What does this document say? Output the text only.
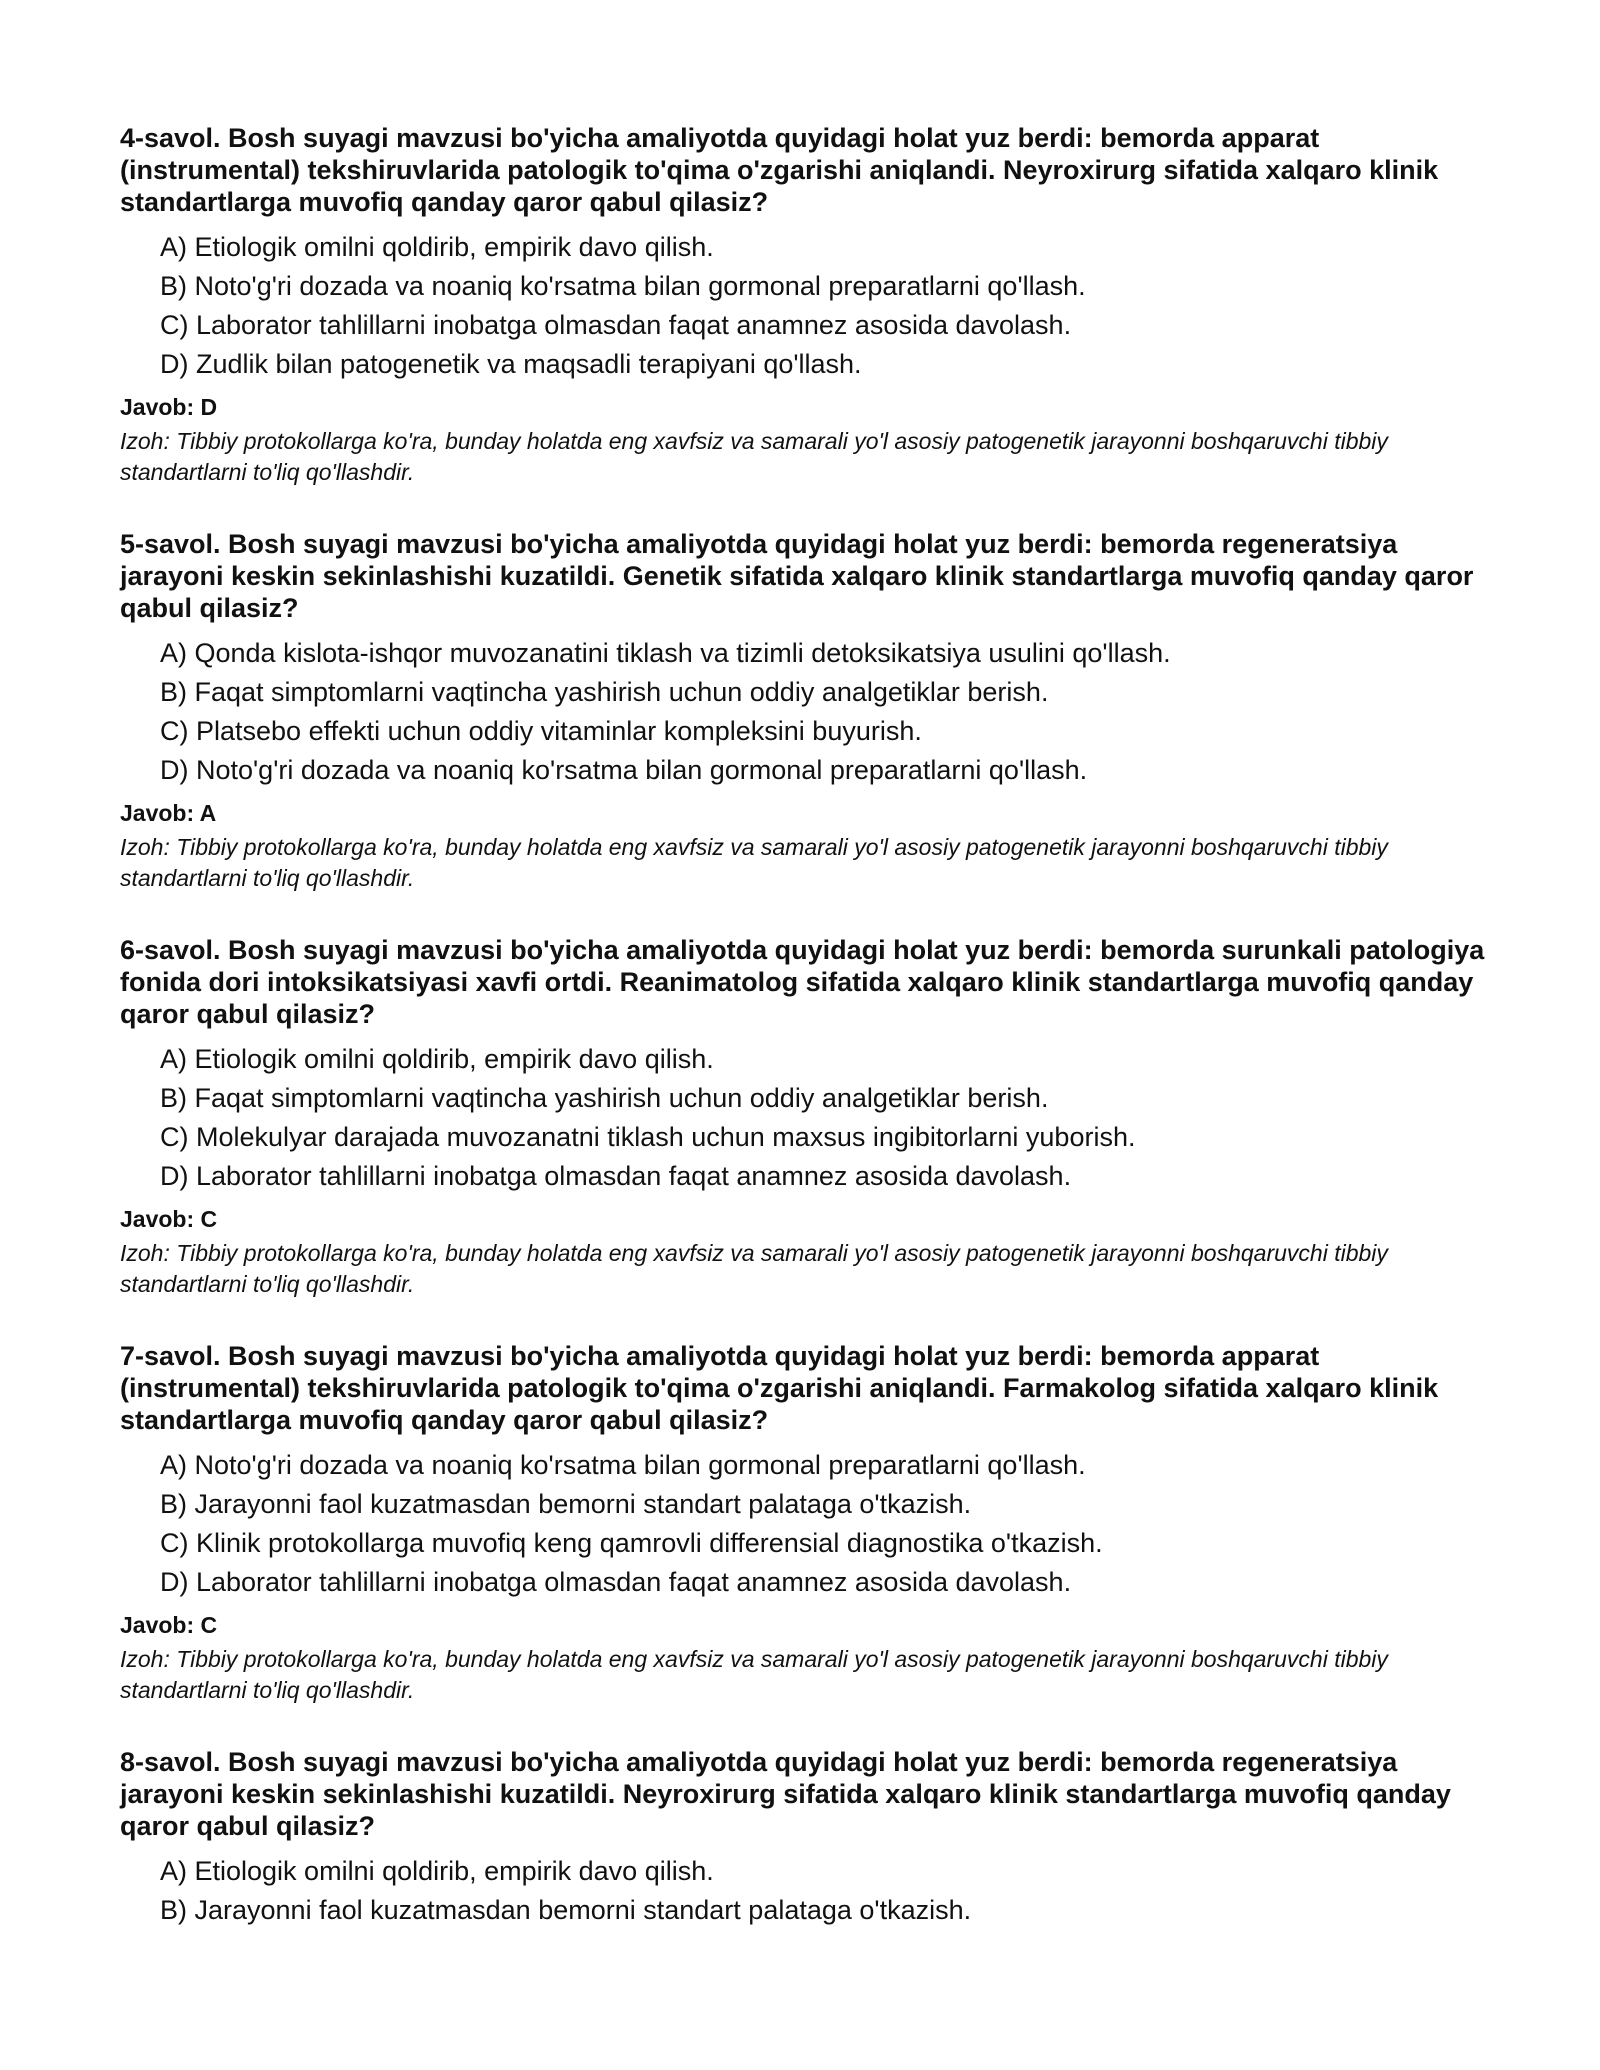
4-savol. Bosh suyagi mavzusi bo'yicha amaliyotda quyidagi holat yuz berdi: bemorda apparat (instrumental) tekshiruvlarida patologik to'qima o'zgarishi aniqlandi. Neyroxirurg sifatida xalqaro klinik standartlarga muvofiq qanday qaror qabul qilasiz?

A) Etiologik omilni qoldirib, empirik davo qilish.
B) Noto'g'ri dozada va noaniq ko'rsatma bilan gormonal preparatlarni qo'llash.
C) Laborator tahlillarni inobatga olmasdan faqat anamnez asosida davolash.
D) Zudlik bilan patogenetik va maqsadli terapiyani qo'llash.

Javob: D

Izoh: Tibbiy protokollarga ko'ra, bunday holatda eng xavfsiz va samarali yo'l asosiy patogenetik jarayonni boshqaruvchi tibbiy standartlarni to'liq qo'llashdir.

5-savol. Bosh suyagi mavzusi bo'yicha amaliyotda quyidagi holat yuz berdi: bemorda regeneratsiya jarayoni keskin sekinlashishi kuzatildi. Genetik sifatida xalqaro klinik standartlarga muvofiq qanday qaror qabul qilasiz?

A) Qonda kislota-ishqor muvozanatini tiklash va tizimli detoksikatsiya usulini qo'llash.
B) Faqat simptomlarni vaqtincha yashirish uchun oddiy analgetiklar berish.
C) Platsebo effekti uchun oddiy vitaminlar kompleksini buyurish.
D) Noto'g'ri dozada va noaniq ko'rsatma bilan gormonal preparatlarni qo'llash.

Javob: A

Izoh: Tibbiy protokollarga ko'ra, bunday holatda eng xavfsiz va samarali yo'l asosiy patogenetik jarayonni boshqaruvchi tibbiy standartlarni to'liq qo'llashdir.

6-savol. Bosh suyagi mavzusi bo'yicha amaliyotda quyidagi holat yuz berdi: bemorda surunkali patologiya fonida dori intoksikatsiyasi xavfi ortdi. Reanimatolog sifatida xalqaro klinik standartlarga muvofiq qanday qaror qabul qilasiz?

A) Etiologik omilni qoldirib, empirik davo qilish.
B) Faqat simptomlarni vaqtincha yashirish uchun oddiy analgetiklar berish.
C) Molekulyar darajada muvozanatni tiklash uchun maxsus ingibitorlarni yuborish.
D) Laborator tahlillarni inobatga olmasdan faqat anamnez asosida davolash.

Javob: C

Izoh: Tibbiy protokollarga ko'ra, bunday holatda eng xavfsiz va samarali yo'l asosiy patogenetik jarayonni boshqaruvchi tibbiy standartlarni to'liq qo'llashdir.

7-savol. Bosh suyagi mavzusi bo'yicha amaliyotda quyidagi holat yuz berdi: bemorda apparat (instrumental) tekshiruvlarida patologik to'qima o'zgarishi aniqlandi. Farmakolog sifatida xalqaro klinik standartlarga muvofiq qanday qaror qabul qilasiz?

A) Noto'g'ri dozada va noaniq ko'rsatma bilan gormonal preparatlarni qo'llash.
B) Jarayonni faol kuzatmasdan bemorni standart palataga o'tkazish.
C) Klinik protokollarga muvofiq keng qamrovli differensial diagnostika o'tkazish.
D) Laborator tahlillarni inobatga olmasdan faqat anamnez asosida davolash.

Javob: C

Izoh: Tibbiy protokollarga ko'ra, bunday holatda eng xavfsiz va samarali yo'l asosiy patogenetik jarayonni boshqaruvchi tibbiy standartlarni to'liq qo'llashdir.

8-savol. Bosh suyagi mavzusi bo'yicha amaliyotda quyidagi holat yuz berdi: bemorda regeneratsiya jarayoni keskin sekinlashishi kuzatildi. Neyroxirurg sifatida xalqaro klinik standartlarga muvofiq qanday qaror qabul qilasiz?

A) Etiologik omilni qoldirib, empirik davo qilish.
B) Jarayonni faol kuzatmasdan bemorni standart palataga o'tkazish.
